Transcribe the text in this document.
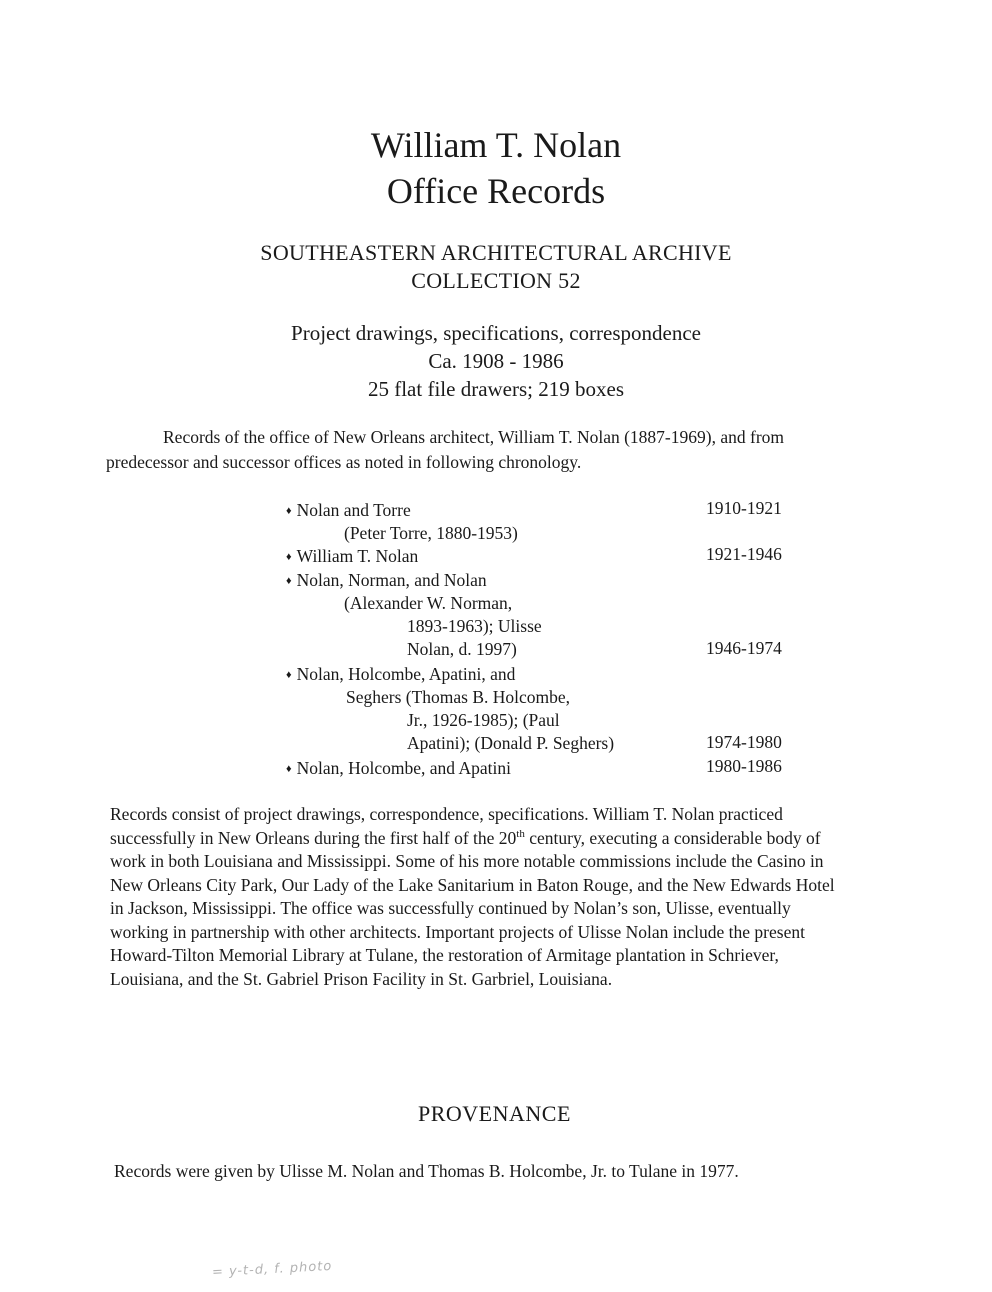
William T. Nolan
Office Records
SOUTHEASTERN ARCHITECTURAL ARCHIVE
COLLECTION 52
Project drawings, specifications, correspondence
Ca. 1908 - 1986
25 flat file drawers; 219 boxes
Records of the office of New Orleans architect, William T. Nolan (1887-1969), and from
predecessor and successor offices as noted in following chronology.
♦ Nolan and Torre	1910-1921
(Peter Torre, 1880-1953)
♦ William T. Nolan	1921-1946
♦ Nolan, Norman, and Nolan
(Alexander W. Norman,
1893-1963); Ulisse
Nolan, d. 1997)	1946-1974
♦ Nolan, Holcombe, Apatini, and
Seghers (Thomas B. Holcombe,
Jr., 1926-1985); (Paul
Apatini); (Donald P. Seghers)	1974-1980
♦ Nolan, Holcombe, and Apatini	1980-1986
Records consist of project drawings, correspondence, specifications. William T. Nolan practiced
successfully in New Orleans during the first half of the 20th century, executing a considerable body of
work in both Louisiana and Mississippi. Some of his more notable commissions include the Casino in
New Orleans City Park, Our Lady of the Lake Sanitarium in Baton Rouge, and the New Edwards Hotel
in Jackson, Mississippi. The office was successfully continued by Nolan’s son, Ulisse, eventually
working in partnership with other architects. Important projects of Ulisse Nolan include the present
Howard-Tilton Memorial Library at Tulane, the restoration of Armitage plantation in Schriever,
Louisiana, and the St. Gabriel Prison Facility in St. Garbriel, Louisiana.
PROVENANCE
Records were given by Ulisse M. Nolan and Thomas B. Holcombe, Jr. to Tulane in 1977.
= y-t-d, f. photo
